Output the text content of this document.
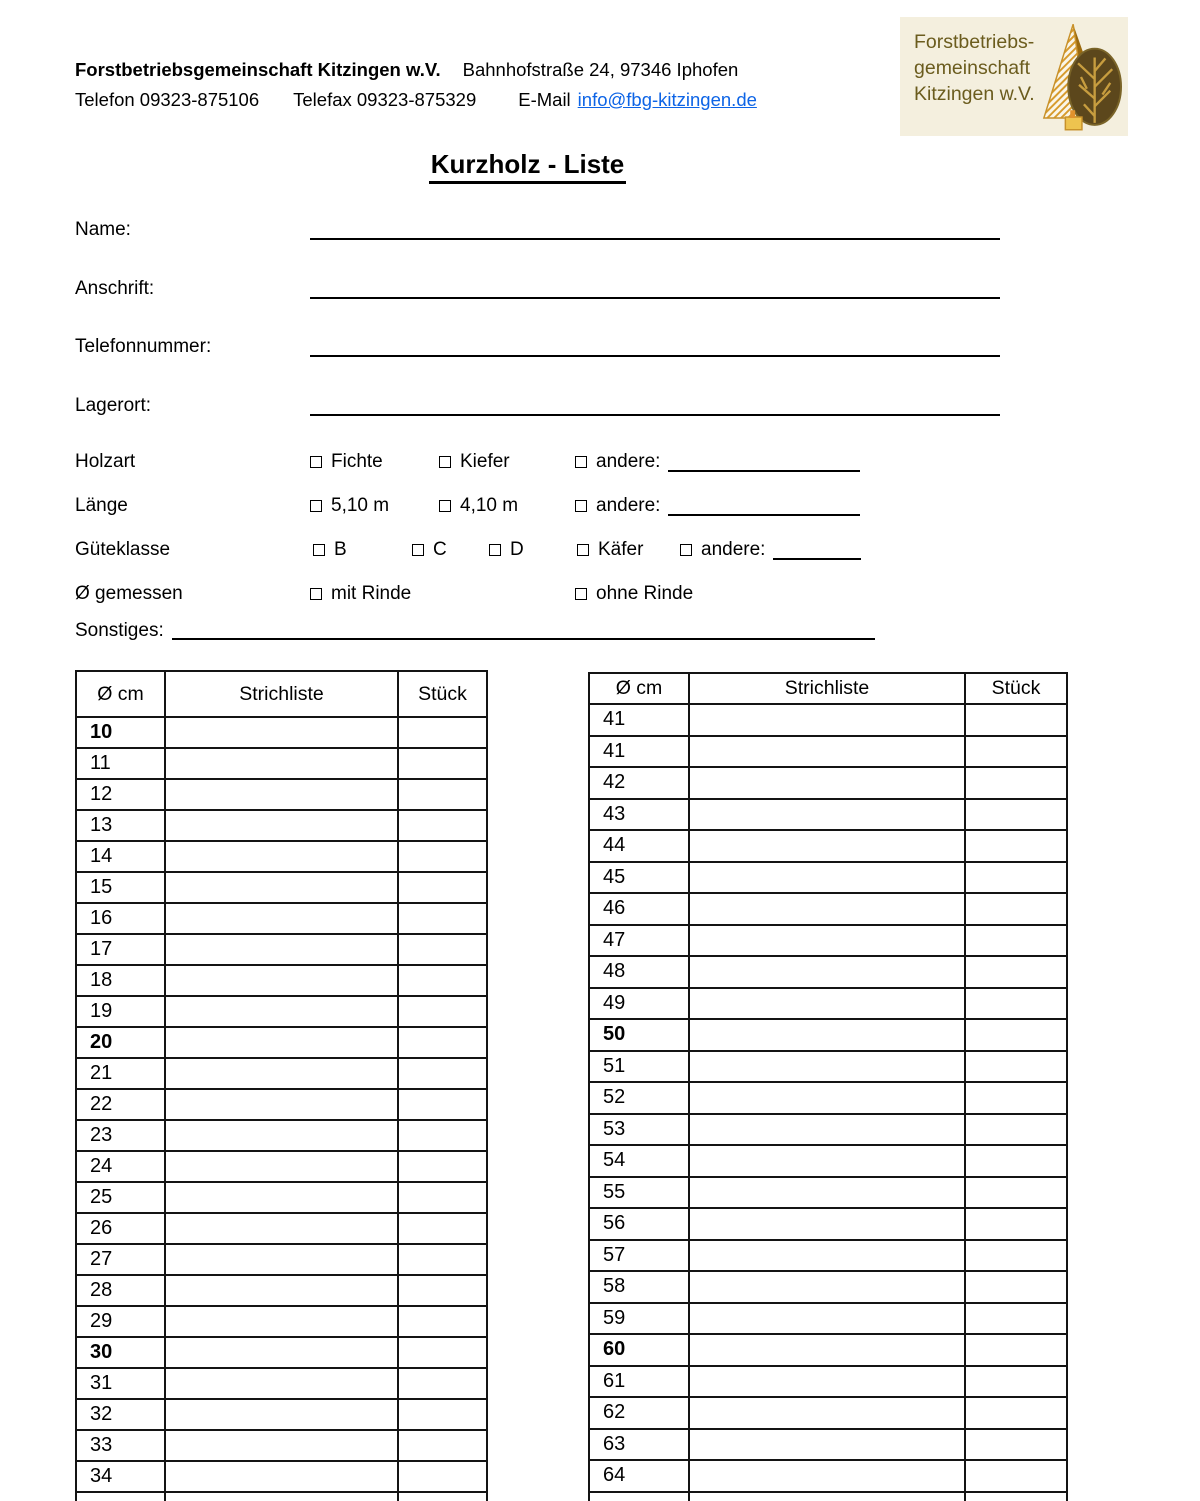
Forstbetriebsgemeinschaft Kitzingen w.V. Bahnhofstraße 24, 97346 Iphofen
Telefon 09323-875106 Telefax 09323-875329 E-Mail info@fbg-kitzingen.de
Forstbetriebs-
gemeinschaft
Kitzingen w.V.
Kurzholz - Liste
Name:
Anschrift:
Telefonnummer:
Lagerort:
Holzart	Fichte	Kiefer	andere:
Länge	5,10 m	4,10 m	andere:
Güteklasse	B	C	D	Käfer	andere:
Ø gemessen	mit Rinde	ohne Rinde
Sonstiges:
Ø cm	Strichliste	Stück
10		
11		
12		
13		
14		
15		
16		
17		
18		
19		
20		
21		
22		
23		
24		
25		
26		
27		
28		
29		
30		
31		
32		
33		
34		

Ø cm	Strichliste	Stück
41		
41		
42		
43		
44		
45		
46		
47		
48		
49		
50		
51		
52		
53		
54		
55		
56		
57		
58		
59		
60		
61		
62		
63		
64		
